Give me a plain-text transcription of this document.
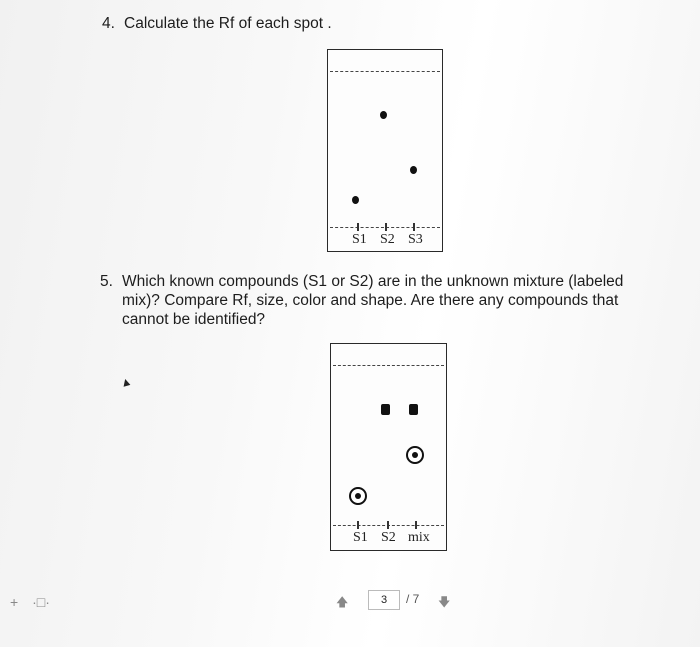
4. Calculate the Rf of each spot .
S1 S2 S3
5. Which known compounds (S1 or S2) are in the unknown mixture (labeled mix)? Compare Rf, size, color and shape. Are there any compounds that cannot be identified?
S1 S2 mix
▲
+ ·□·	🡅	3	/ 7 🡇
